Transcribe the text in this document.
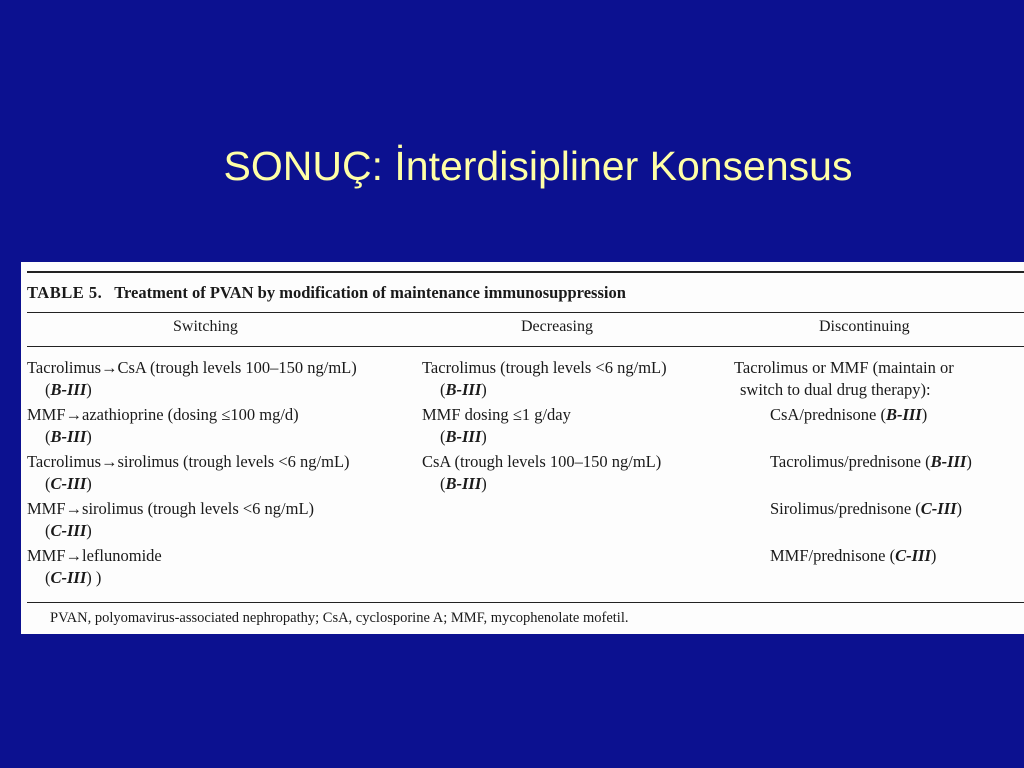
SONUÇ: İnterdisipliner Konsensus
TABLE 5. Treatment of PVAN by modification of maintenance immunosuppression
Switching	Decreasing	Discontinuing
Tacrolimus→CsA (trough levels 100–150 ng/mL)
(B-III)
MMF→azathioprine (dosing ≤100 mg/d)
(B-III)
Tacrolimus→sirolimus (trough levels <6 ng/mL)
(C-III)
MMF→sirolimus (trough levels <6 ng/mL)
(C-III)
MMF→leflunomide
(C-III) )
Tacrolimus (trough levels <6 ng/mL)
(B-III)
MMF dosing ≤1 g/day
(B-III)
CsA (trough levels 100–150 ng/mL)
(B-III)
Tacrolimus or MMF (maintain or
switch to dual drug therapy):
CsA/prednisone (B-III)
Tacrolimus/prednisone (B-III)
Sirolimus/prednisone (C-III)
MMF/prednisone (C-III)
PVAN, polyomavirus-associated nephropathy; CsA, cyclosporine A; MMF, mycophenolate mofetil.
